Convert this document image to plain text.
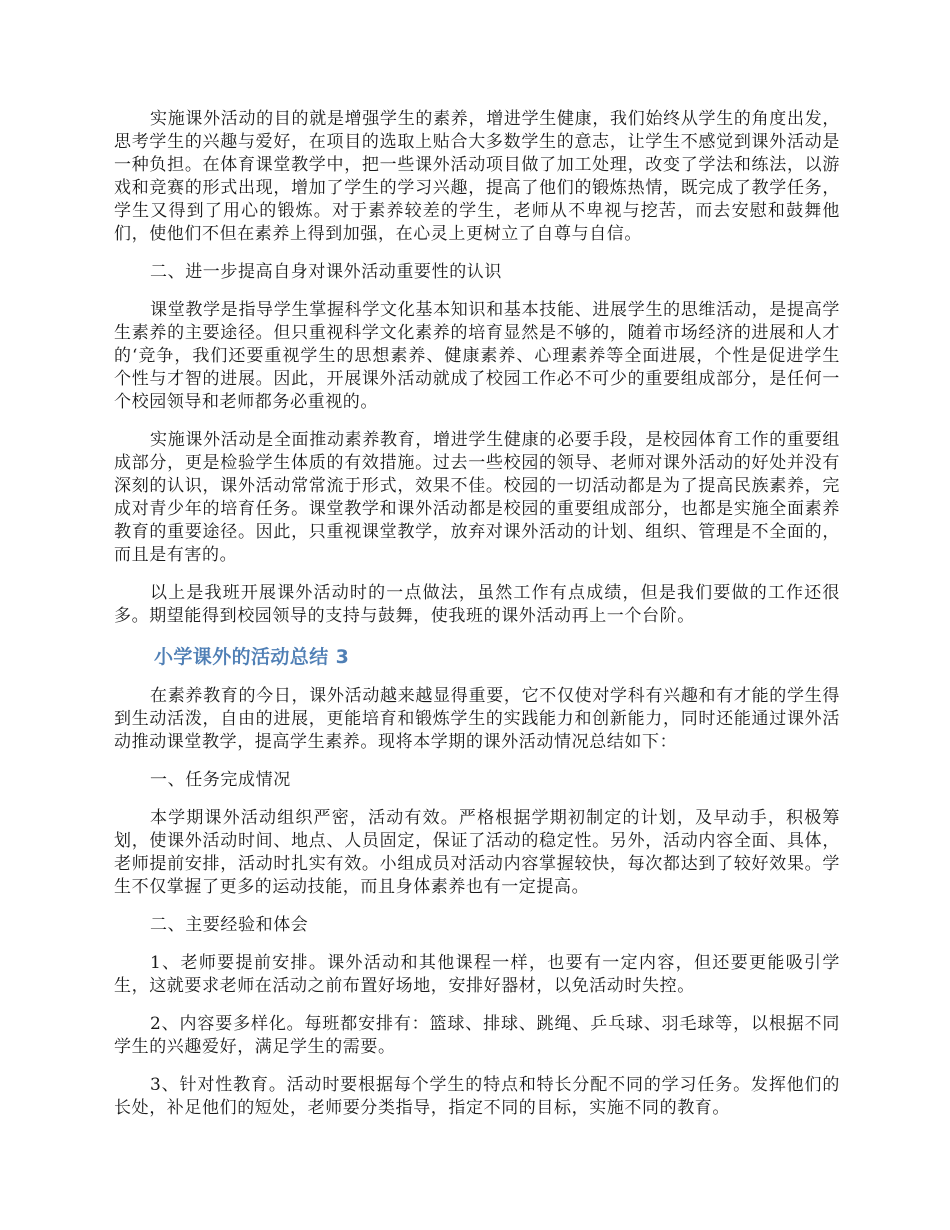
实施课外活动的目的就是增强学生的素养，增进学生健康，我们始终从学生的角度出发，思考学生的兴趣与爱好，在项目的选取上贴合大多数学生的意志，让学生不感觉到课外活动是一种负担。在体育课堂教学中，把一些课外活动项目做了加工处理，改变了学法和练法，以游戏和竞赛的形式出现，增加了学生的学习兴趣，提高了他们的锻炼热情，既完成了教学任务，学生又得到了用心的锻炼。对于素养较差的学生，老师从不卑视与挖苦，而去安慰和鼓舞他们，使他们不但在素养上得到加强，在心灵上更树立了自尊与自信。

二、进一步提高自身对课外活动重要性的认识

课堂教学是指导学生掌握科学文化基本知识和基本技能、进展学生的思维活动，是提高学生素养的主要途径。但只重视科学文化素养的培育显然是不够的，随着市场经济的进展和人才的‘竞争，我们还要重视学生的思想素养、健康素养、心理素养等全面进展，个性是促进学生个性与才智的进展。因此，开展课外活动就成了校园工作必不可少的重要组成部分，是任何一个校园领导和老师都务必重视的。

实施课外活动是全面推动素养教育，增进学生健康的必要手段，是校园体育工作的重要组成部分，更是检验学生体质的有效措施。过去一些校园的领导、老师对课外活动的好处并没有深刻的认识，课外活动常常流于形式，效果不佳。校园的一切活动都是为了提高民族素养，完成对青少年的培育任务。课堂教学和课外活动都是校园的重要组成部分，也都是实施全面素养教育的重要途径。因此，只重视课堂教学，放弃对课外活动的计划、组织、管理是不全面的，而且是有害的。

以上是我班开展课外活动时的一点做法，虽然工作有点成绩，但是我们要做的工作还很多。期望能得到校园领导的支持与鼓舞，使我班的课外活动再上一个台阶。

小学课外的活动总结 3

在素养教育的今日，课外活动越来越显得重要，它不仅使对学科有兴趣和有才能的学生得到生动活泼，自由的进展，更能培育和锻炼学生的实践能力和创新能力，同时还能通过课外活动推动课堂教学，提高学生素养。现将本学期的课外活动情况总结如下：

一、任务完成情况

本学期课外活动组织严密，活动有效。严格根据学期初制定的计划，及早动手，积极筹划，使课外活动时间、地点、人员固定，保证了活动的稳定性。另外，活动内容全面、具体，老师提前安排，活动时扎实有效。小组成员对活动内容掌握较快，每次都达到了较好效果。学生不仅掌握了更多的运动技能，而且身体素养也有一定提高。

二、主要经验和体会

1、老师要提前安排。课外活动和其他课程一样，也要有一定内容，但还要更能吸引学生，这就要求老师在活动之前布置好场地，安排好器材，以免活动时失控。

2、内容要多样化。每班都安排有：篮球、排球、跳绳、乒乓球、羽毛球等，以根据不同学生的兴趣爱好，满足学生的需要。

3、针对性教育。活动时要根据每个学生的特点和特长分配不同的学习任务。发挥他们的长处，补足他们的短处，老师要分类指导，指定不同的目标，实施不同的教育。
